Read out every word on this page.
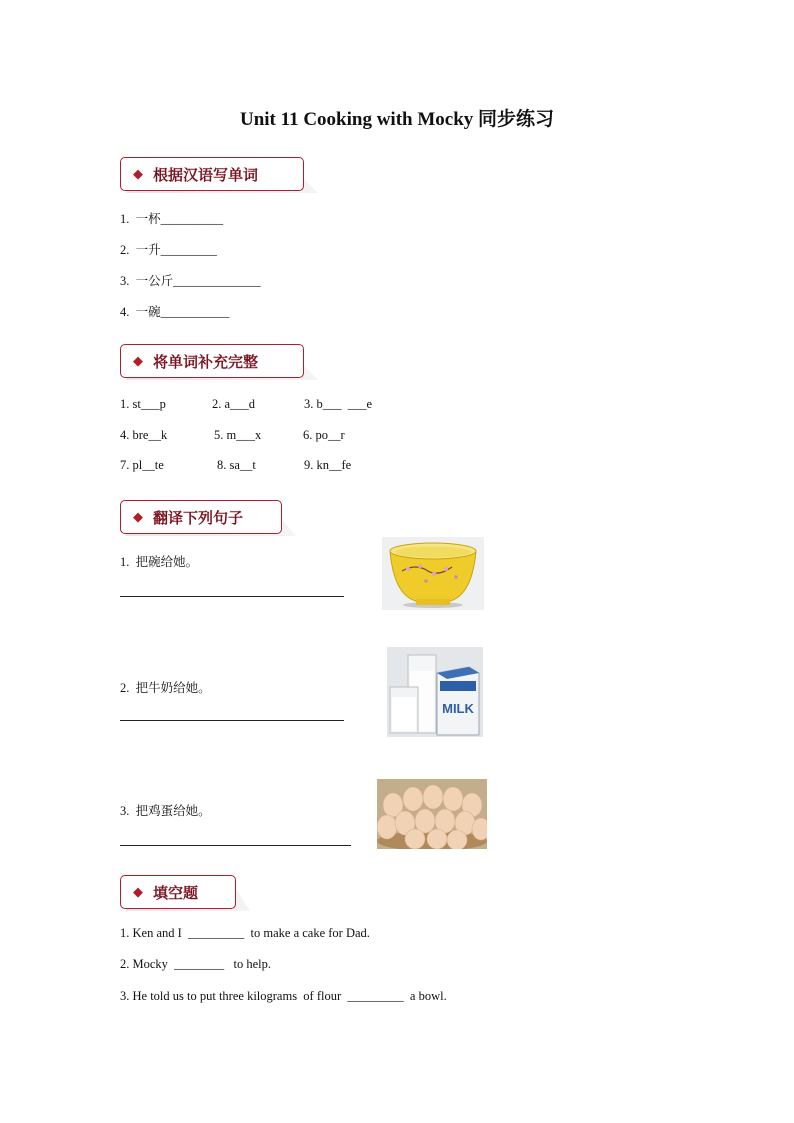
Unit 11 Cooking with Mocky 同步练习
◆ 根据汉语写单词
1.  一杯__________
2.  一升_________
3.  一公斤______________
4.  一碗___________
◆ 将单词补充完整
1. st___p	2. a___d	3. b___  ___e
4. bre__k	5. m___x	6. po__r
7. pl__te	8. sa__t	9. kn__fe
◆ 翻译下列句子
1.  把碗给她。
2.  把牛奶给她。
MILK
3.  把鸡蛋给她。
◆ 填空题
1. Ken and I  _________  to make a cake for Dad.
2. Mocky  ________   to help.
3. He told us to put three kilograms  of flour  _________  a bowl.
